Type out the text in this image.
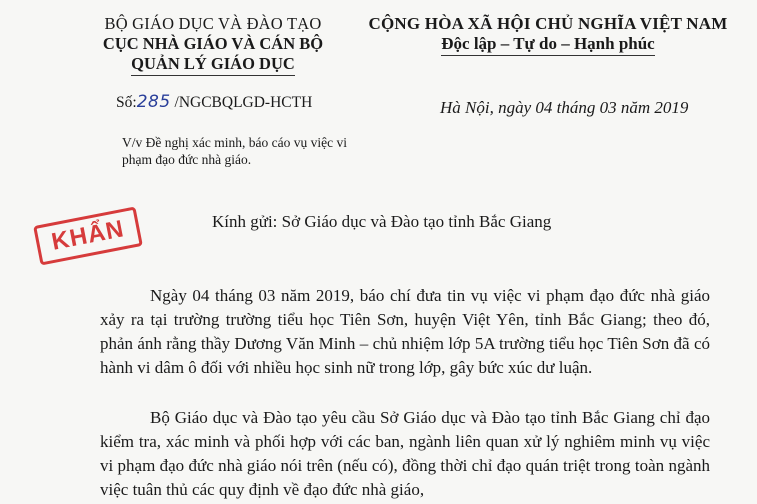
BỘ GIÁO DỤC VÀ ĐÀO TẠO
CỤC NHÀ GIÁO VÀ CÁN BỘ
QUẢN LÝ GIÁO DỤC
CỘNG HÒA XÃ HỘI CHỦ NGHĨA VIỆT NAM
Độc lập – Tự do – Hạnh phúc
Số:285 /NGCBQLGD-HCTH	Hà Nội, ngày 04 tháng 03 năm 2019
V/v Đề nghị xác minh, báo cáo vụ việc vi phạm đạo đức nhà giáo.
KHẨN	Kính gửi: Sở Giáo dục và Đào tạo tỉnh Bắc Giang
Ngày 04 tháng 03 năm 2019, báo chí đưa tin vụ việc vi phạm đạo đức nhà giáo xảy ra tại trường trường tiểu học Tiên Sơn, huyện Việt Yên, tỉnh Bắc Giang; theo đó, phản ánh rằng thầy Dương Văn Minh – chủ nhiệm lớp 5A trường tiểu học Tiên Sơn đã có hành vi dâm ô đối với nhiều học sinh nữ trong lớp, gây bức xúc dư luận.
Bộ Giáo dục và Đào tạo yêu cầu Sở Giáo dục và Đào tạo tỉnh Bắc Giang chỉ đạo kiểm tra, xác minh và phối hợp với các ban, ngành liên quan xử lý nghiêm minh vụ việc vi phạm đạo đức nhà giáo nói trên (nếu có), đồng thời chỉ đạo quán triệt trong toàn ngành việc tuân thủ các quy định về đạo đức nhà giáo,
